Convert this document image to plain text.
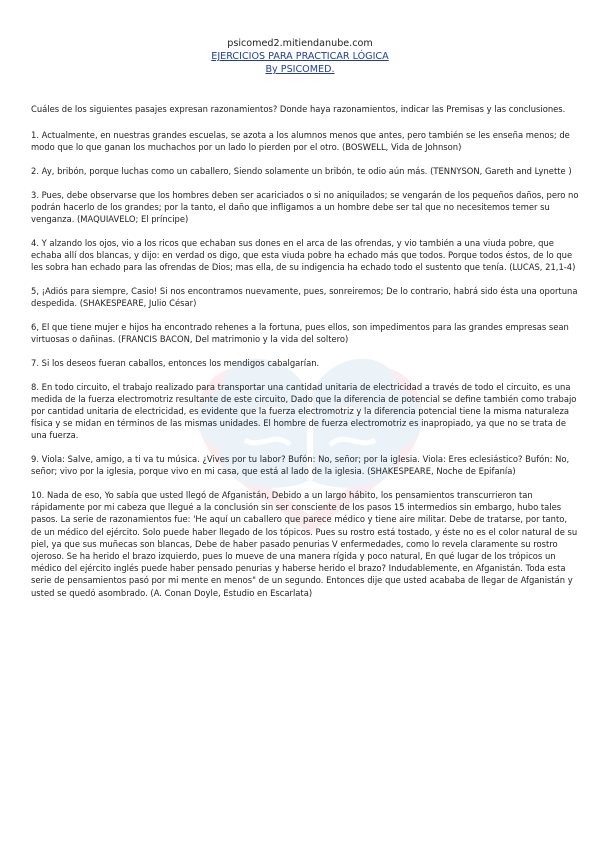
psicomed2.mitiendanube.com
EJERCICIOS PARA PRACTICAR LÓGICA
By PSICOMED.

Cuáles de los siguientes pasajes expresan razonamientos? Donde haya razonamientos, indicar las Premisas y las conclusiones.

1. Actualmente, en nuestras grandes escuelas, se azota a los alumnos menos que antes, pero también se les enseña menos; de modo que lo que ganan los muchachos por un lado lo pierden por el otro. (BOSWELL, Vida de Johnson)

2. Ay, bribón, porque luchas como un caballero, Siendo solamente un bribón, te odio aún más. (TENNYSON, Gareth and Lynette )

3. Pues, debe observarse que los hombres deben ser acariciados o si no aniquilados; se vengarán de los pequeños daños, pero no podrán hacerlo de los grandes; por la tanto, el daño que infligamos a un hombre debe ser tal que no necesitemos temer su venganza. (MAQUIAVELO; El príncipe)

4. Y alzando los ojos, vio a los ricos que echaban sus dones en el arca de las ofrendas, y vio también a una viuda pobre, que echaba allí dos blancas, y dijo: en verdad os digo, que esta viuda pobre ha echado más que todos. Porque todos éstos, de lo que les sobra han echado para las ofrendas de Dios; mas ella, de su indigencia ha echado todo el sustento que tenía. (LUCAS, 21,1-4)

5, ¡Adiós para siempre, Casio! Si nos encontramos nuevamente, pues, sonreiremos; De lo contrario, habrá sido ésta una oportuna despedida. (SHAKESPEARE, Julio César)

6, El que tiene mujer e hijos ha encontrado rehenes a la fortuna, pues ellos, son impedimentos para las grandes empresas sean virtuosas o dañinas. (FRANCIS BACON, Del matrimonio y la vida del soltero)

7. Si los deseos fueran caballos, entonces los mendigos cabalgarían.

8. En todo circuito, el trabajo realizado para transportar una cantidad unitaria de electricidad a través de todo el circuito, es una medida de la fuerza electromotriz resultante de este circuito, Dado que la diferencia de potencial se define también como trabajo por cantidad unitaria de electricidad, es evidente que la fuerza electromotriz y la diferencia potencial tiene la misma naturaleza física y se midan en términos de las mismas unidades. El hombre de fuerza electromotriz es inapropiado, ya que no se trata de una fuerza.

9. Viola: Salve, amigo, a ti va tu música. ¿Vives por tu labor? Bufón: No, señor; por la iglesia. Viola: Eres eclesiástico? Bufón: No, señor; vivo por la iglesia, porque vivo en mi casa, que está al lado de la iglesia. (SHAKESPEARE, Noche de Epifanía)

10. Nada de eso, Yo sabía que usted llegó de Afganistán, Debido a un largo hábito, los pensamientos transcurrieron tan rápidamente por mi cabeza que llegué a la conclusión sin ser consciente de los pasos 15 intermedios sin embargo, hubo tales pasos. La serie de razonamientos fue: 'He aquí un caballero que parece médico y tiene aire militar. Debe de tratarse, por tanto, de un médico del ejército. Solo puede haber llegado de los tópicos. Pues su rostro está tostado, y éste no es el color natural de su piel, ya que sus muñecas son blancas, Debe de haber pasado penurias V enfermedades, como lo revela claramente su rostro ojeroso. Se ha herido el brazo izquierdo, pues lo mueve de una manera rígida y poco natural, En qué lugar de los trópicos un médico del ejército inglés puede haber pensado penurias y haberse herido el brazo? Indudablemente, en Afganistán. Toda esta serie de pensamientos pasó por mi mente en menos" de un segundo. Entonces dije que usted acababa de llegar de Afganistán y usted se quedó asombrado. (A. Conan Doyle, Estudio en Escarlata)
